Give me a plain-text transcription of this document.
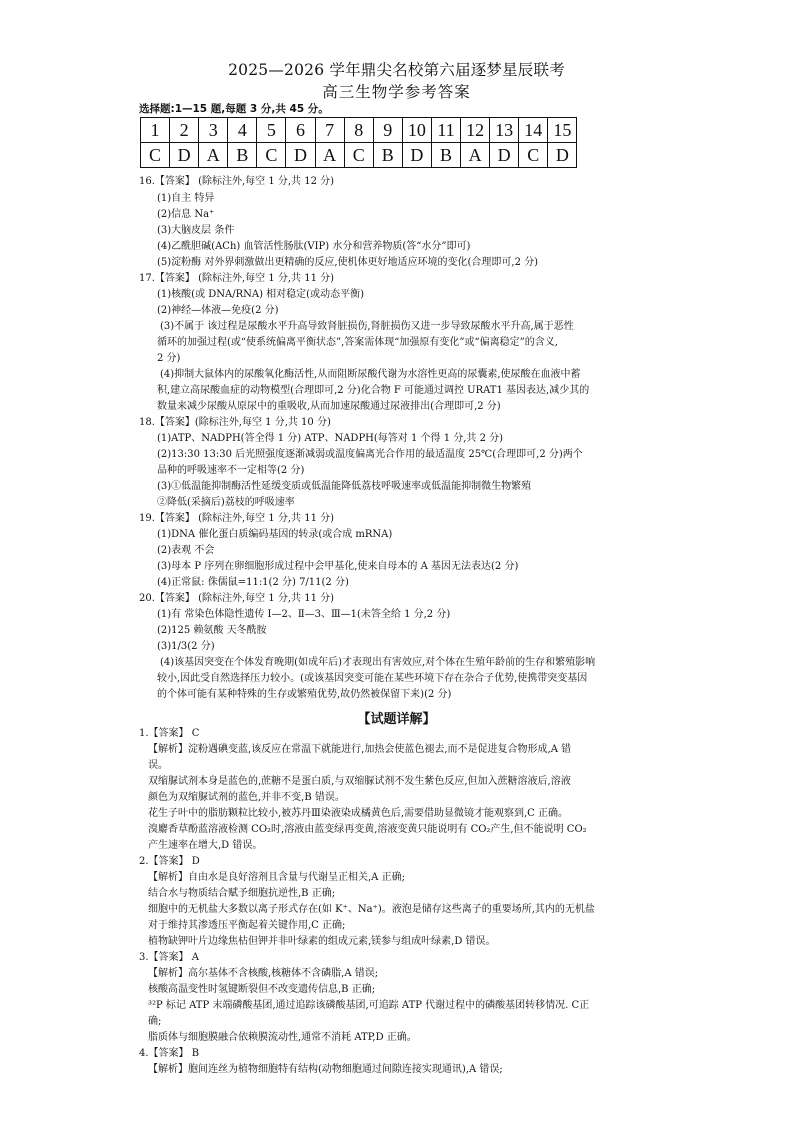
2025—2026 学年鼎尖名校第六届逐梦星辰联考
高三生物学参考答案
选择题:1—15 题,每题 3 分,共 45 分。
1	2	3	4	5	6	7	8	9	10	11	12	13	14	15
C	D	A	B	C	D	A	C	B	D	B	A	D	C	D
【试题详解】
16.【答案】 (除标注外,每空 1 分,共 12 分)
(1)自主 特异
(2)信息 Na⁺
(3)大脑皮层 条件
(4)乙酰胆碱(ACh) 血管活性肠肽(VIP) 水分和营养物质(答“水分”即可)
(5)淀粉酶 对外界刺激做出更精确的反应,使机体更好地适应环境的变化(合理即可,2 分)
17.【答案】 (除标注外,每空 1 分,共 11 分)
(1)核酸(或 DNA/RNA) 相对稳定(或动态平衡)
(2)神经—体液—免疫(2 分)
(3)不属于 该过程是尿酸水平升高导致肾脏损伤,肾脏损伤又进一步导致尿酸水平升高,属于恶性
循环的加强过程(或“使系统偏离平衡状态”,答案需体现“加强原有变化”或“偏离稳定”的含义,
2 分)
(4)抑制大鼠体内的尿酸氧化酶活性,从而阻断尿酸代谢为水溶性更高的尿囊素,使尿酸在血液中蓄
积,建立高尿酸血症的动物模型(合理即可,2 分)化合物 F 可能通过调控 URAT1 基因表达,减少其的
数量来减少尿酸从原尿中的重吸收,从而加速尿酸通过尿液排出(合理即可,2 分)
18.【答案】(除标注外,每空 1 分,共 10 分)
(1)ATP、NADPH(答全得 1 分) ATP、NADPH(每答对 1 个得 1 分,共 2 分)
(2)13:30 13:30 后光照强度逐渐减弱或温度偏离光合作用的最适温度 25℃(合理即可,2 分)两个
品种的呼吸速率不一定相等(2 分)
(3)①低温能抑制酶活性延缓变质或低温能降低荔枝呼吸速率或低温能抑制微生物繁殖
②降低(采摘后)荔枝的呼吸速率
19.【答案】 (除标注外,每空 1 分,共 11 分)
(1)DNA 催化蛋白质编码基因的转录(或合成 mRNA)
(2)表观 不会
(3)母本 P 序列在卵细胞形成过程中会甲基化,使来自母本的 A 基因无法表达(2 分)
(4)正常鼠: 侏儒鼠=11:1(2 分) 7/11(2 分)
20.【答案】 (除标注外,每空 1 分,共 11 分)
(1)有 常染色体隐性遗传 Ⅰ—2、Ⅱ—3、Ⅲ—1(未答全给 1 分,2 分)
(2)125 赖氨酸 天冬酰胺
(3)1/3(2 分)
(4)该基因突变在个体发育晚期(如成年后)才表现出有害效应,对个体在生殖年龄前的生存和繁殖影响
较小,因此受自然选择压力较小。(或该基因突变可能在某些环境下存在杂合子优势,使携带突变基因
的个体可能有某种特殊的生存或繁殖优势,故仍然被保留下来)(2 分)
1.【答案】 C
【解析】淀粉遇碘变蓝,该反应在常温下就能进行,加热会使蓝色褪去,而不是促进复合物形成,A 错
误。
双缩脲试剂本身是蓝色的,蔗糖不是蛋白质,与双缩脲试剂不发生紫色反应,但加入蔗糖溶液后,溶液
颜色为双缩脲试剂的蓝色,并非不变,B 错误。
花生子叶中的脂肪颗粒比较小,被苏丹Ⅲ染液染成橘黄色后,需要借助显微镜才能观察到,C 正确。
溴麝香草酚蓝溶液检测 CO₂时,溶液由蓝变绿再变黄,溶液变黄只能说明有 CO₂产生,但不能说明 CO₂
产生速率在增大,D 错误。
2.【答案】 D
【解析】自由水是良好溶剂且含量与代谢呈正相关,A 正确;
结合水与物质结合赋予细胞抗逆性,B 正确;
细胞中的无机盐大多数以离子形式存在(如 K⁺、Na⁺)。液泡是储存这些离子的重要场所,其内的无机盐
对于维持其渗透压平衡起着关键作用,C 正确;
植物缺钾叶片边缘焦枯但钾并非叶绿素的组成元素,镁参与组成叶绿素,D 错误。
3.【答案】 A
【解析】高尔基体不含核酸,核糖体不含磷脂,A 错误;
核酸高温变性时氢键断裂但不改变遗传信息,B 正确;
³²P 标记 ATP 末端磷酸基团,通过追踪该磷酸基团,可追踪 ATP 代谢过程中的磷酸基团转移情况. C正
确;
脂质体与细胞膜融合依赖膜流动性,通常不消耗 ATP,D 正确。
4.【答案】 B
【解析】胞间连丝为植物细胞特有结构(动物细胞通过间隙连接实现通讯),A 错误;
